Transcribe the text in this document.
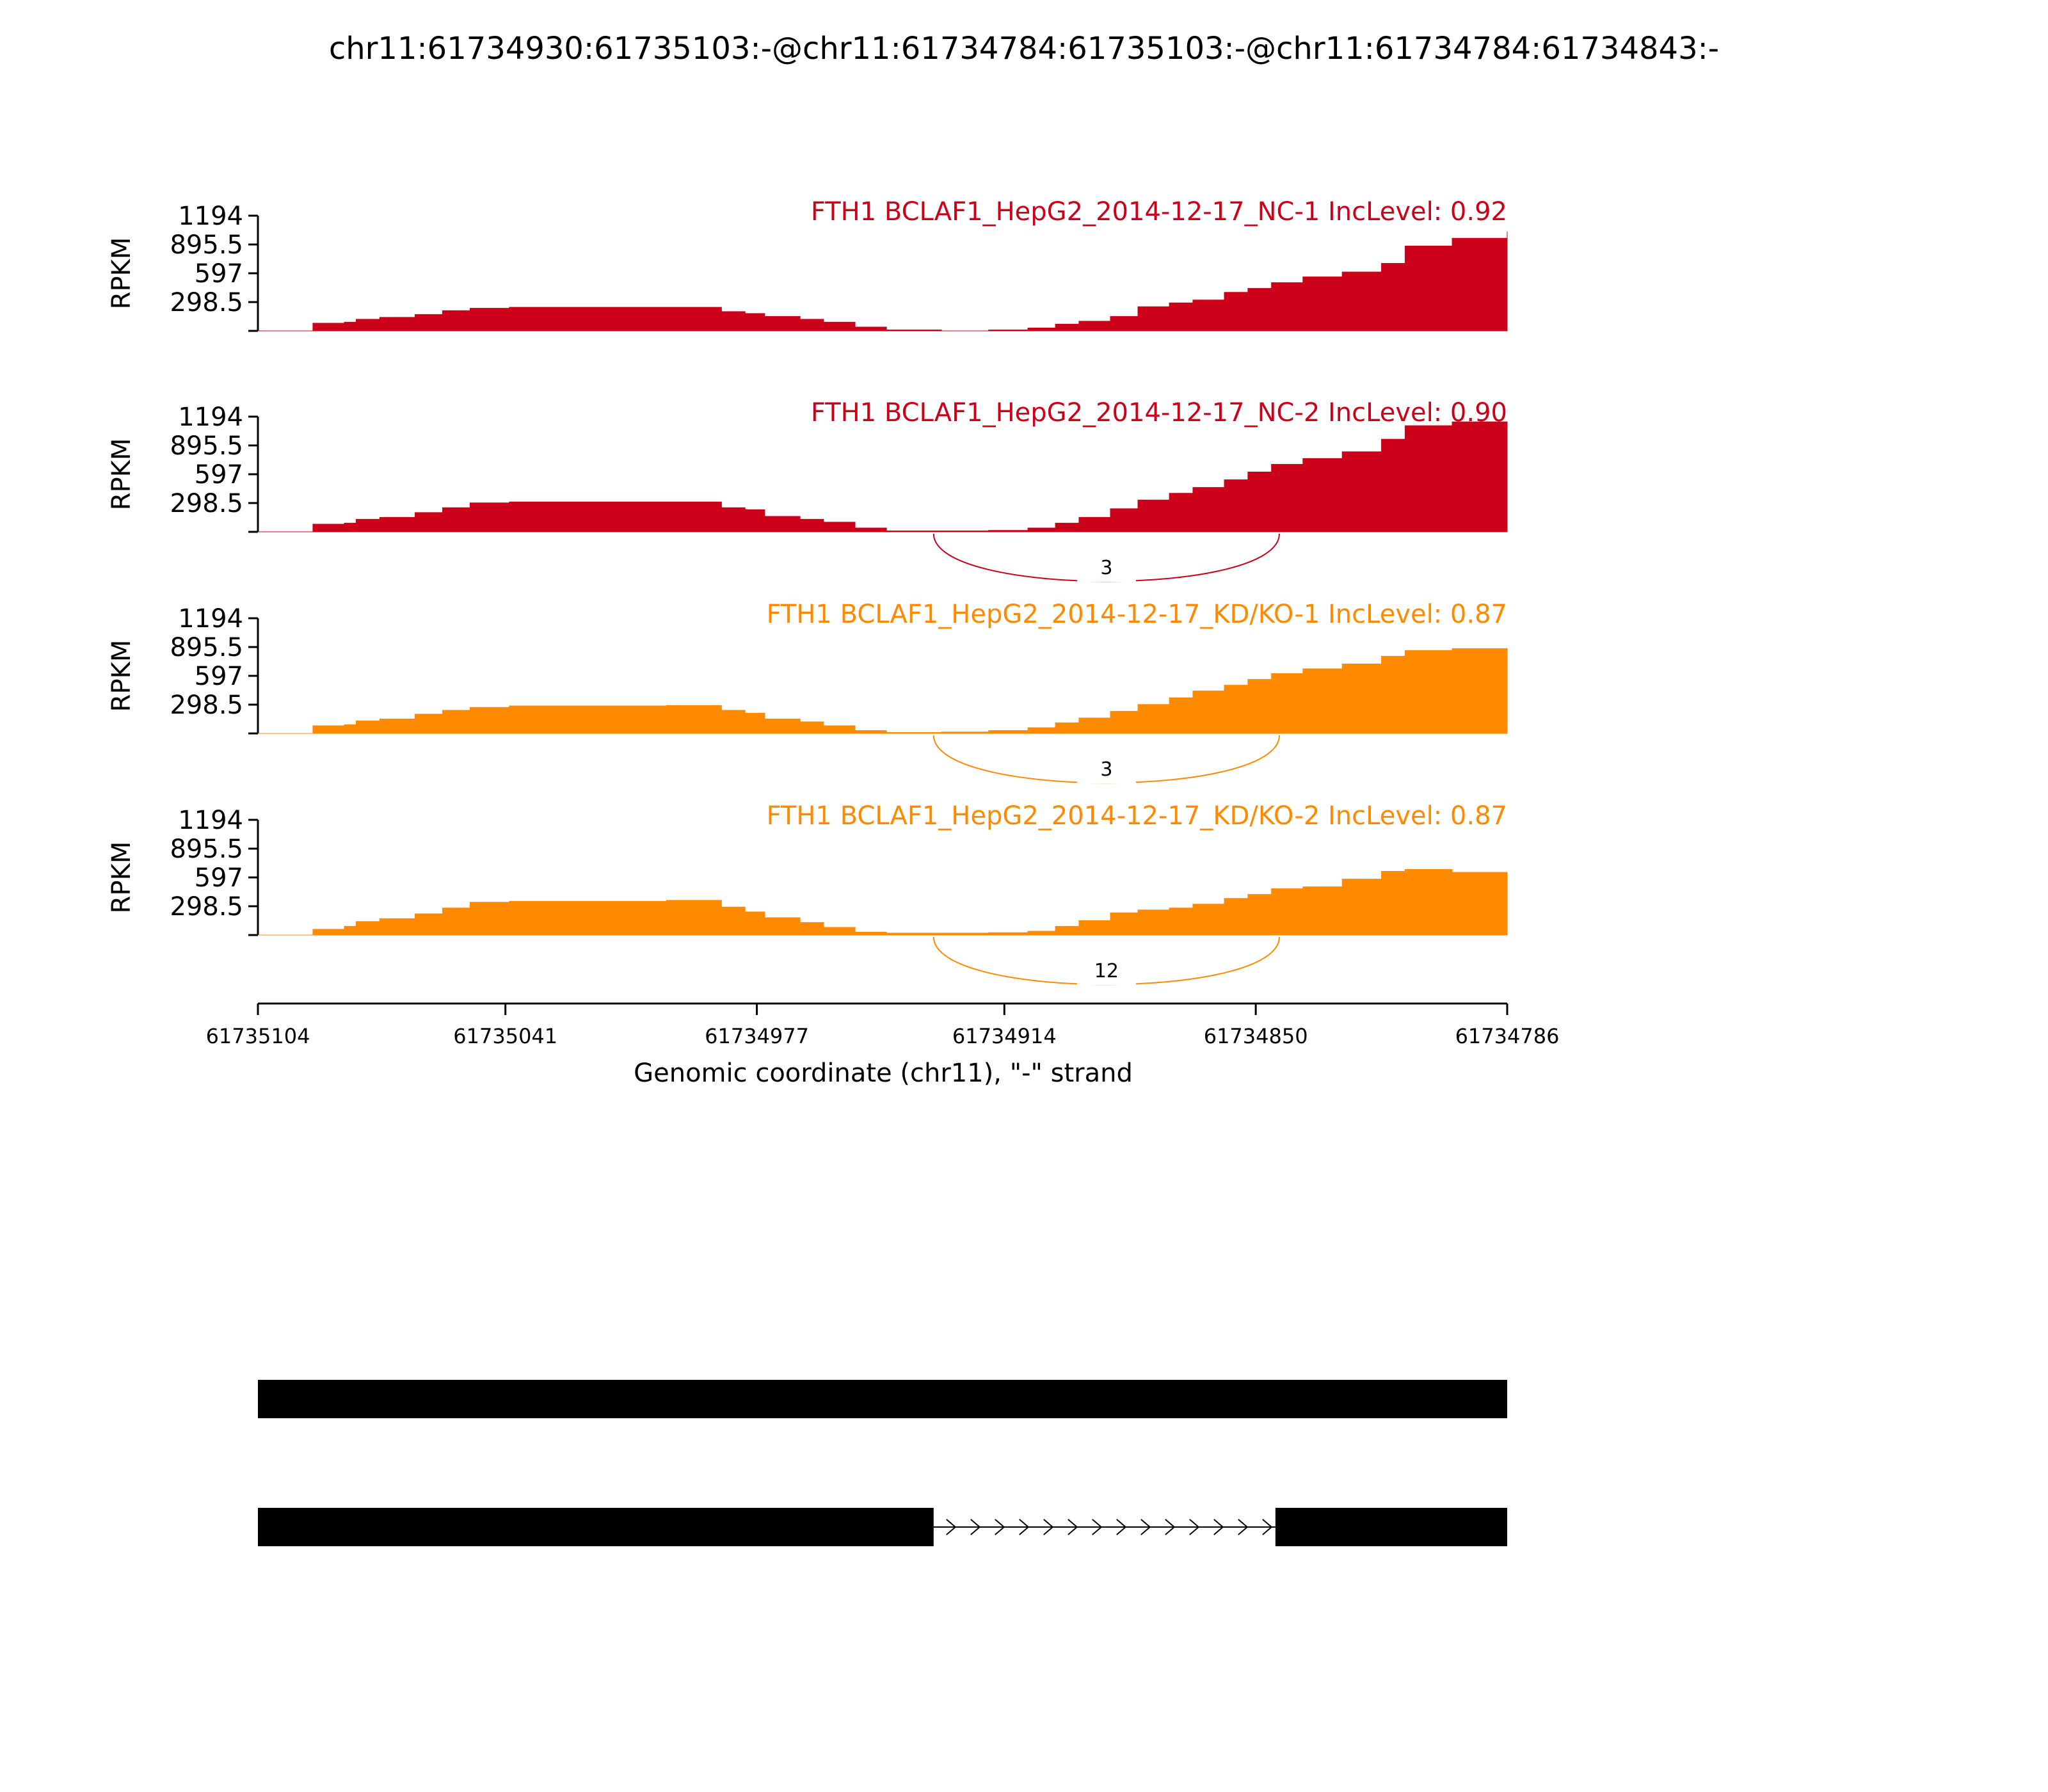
chr11:61734930:61735103:-@chr11:61734784:61735103:-@chr11:61734784:61734843:-
1194
895.5
597
298.5
RPKM
FTH1 BCLAF1_HepG2_2014-12-17_NC-1 IncLevel: 0.92
1194
895.5
597
298.5
RPKM
FTH1 BCLAF1_HepG2_2014-12-17_NC-2 IncLevel: 0.90
3
1194
895.5
597
298.5
RPKM
FTH1 BCLAF1_HepG2_2014-12-17_KD/KO-1 IncLevel: 0.87
3
1194
895.5
597
298.5
RPKM
FTH1 BCLAF1_HepG2_2014-12-17_KD/KO-2 IncLevel: 0.87
12
61735104	61735041	61734977	61734914	61734850	61734786
Genomic coordinate (chr11), "-" strand
